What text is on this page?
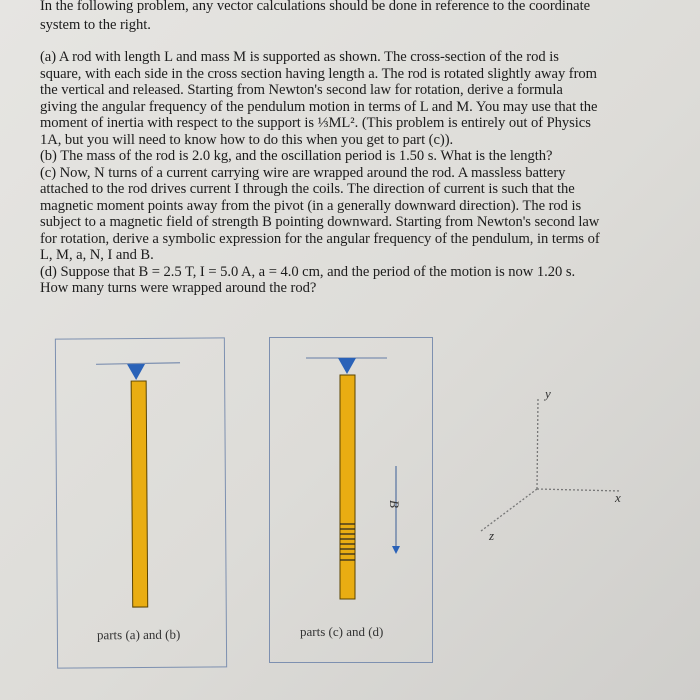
In the following problem, any vector calculations should be done in reference to the coordinate
system to the right.
(a) A rod with length L and mass M is supported as shown. The cross-section of the rod is
square, with each side in the cross section having length a. The rod is rotated slightly away from
the vertical and released. Starting from Newton's second law for rotation, derive a formula
giving the angular frequency of the pendulum motion in terms of L and M. You may use that the
moment of inertia with respect to the support is ⅓ML². (This problem is entirely out of Physics
1A, but you will need to know how to do this when you get to part (c)).
(b) The mass of the rod is 2.0 kg, and the oscillation period is 1.50 s. What is the length?
(c) Now, N turns of a current carrying wire are wrapped around the rod. A massless battery
attached to the rod drives current I through the coils. The direction of current is such that the
magnetic moment points away from the pivot (in a generally downward direction). The rod is
subject to a magnetic field of strength B pointing downward. Starting from Newton's second law
for rotation, derive a symbolic expression for the angular frequency of the pendulum, in terms of
L, M, a, N, I and B.
(d) Suppose that B = 2.5 T, I = 5.0 A, a = 4.0 cm, and the period of the motion is now 1.20 s.
How many turns were wrapped around the rod?
parts (a) and (b)
B
parts (c) and (d)
y
x
z
